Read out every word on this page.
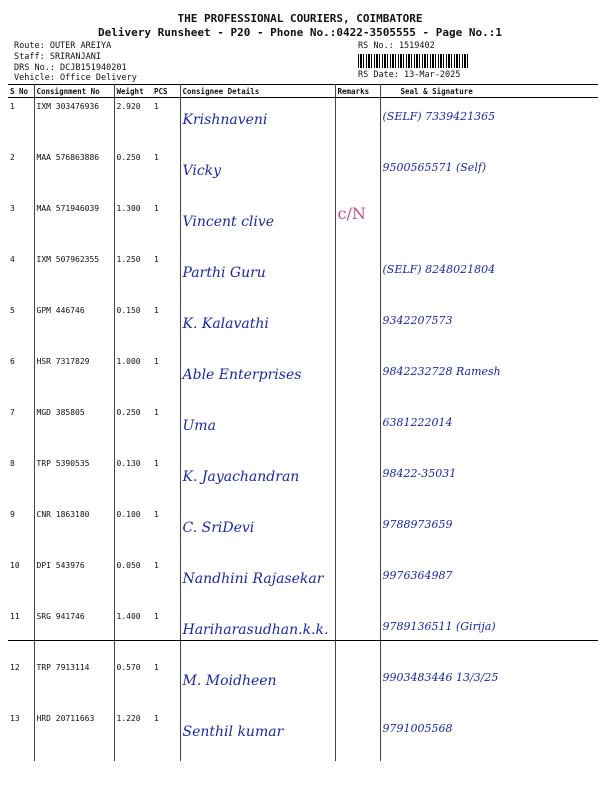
THE PROFESSIONAL COURIERS, COIMBATORE
Delivery Runsheet - P20 - Phone No.:0422-3505555 - Page No.:1
Route: OUTER AREIYA
Staff: SRIRANJANI
DRS No.: DCJB151940201
Vehicle: Office Delivery
RS No.: 1519402
RS Date: 13-Mar-2025
S No	Consignment No	Weight	PCS	Consignee Details	Remarks	Seal & Signature
1	IXM 303476936	2.920	1	Krishnaveni		(SELF) 7339421365
2	MAA 576863886	0.250	1	Vicky		9500565571 (Self)
3	MAA 571946039	1.300	1	Vincent clive	c/N	
4	IXM 507962355	1.250	1	Parthi Guru		(SELF) 8248021804
5	GPM 446746	0.150	1	K. Kalavathi		9342207573
6	HSR 7317829	1.000	1	Able Enterprises		9842232728 Ramesh
7	MGD 385805	0.250	1	Uma		6381222014
8	TRP 5390535	0.130	1	K. Jayachandran		98422-35031
9	CNR 1863180	0.100	1	C. SriDevi		9788973659
10	DPI 543976	0.050	1	Nandhini Rajasekar		9976364987
11	SRG 941746	1.400	1	Hariharasudhan.k.k.		9789136511 (Girija)
12	TRP 7913114	0.570	1	M. Moidheen		9903483446 13/3/25
13	HRD 20711663	1.220	1	Senthil kumar		9791005568
